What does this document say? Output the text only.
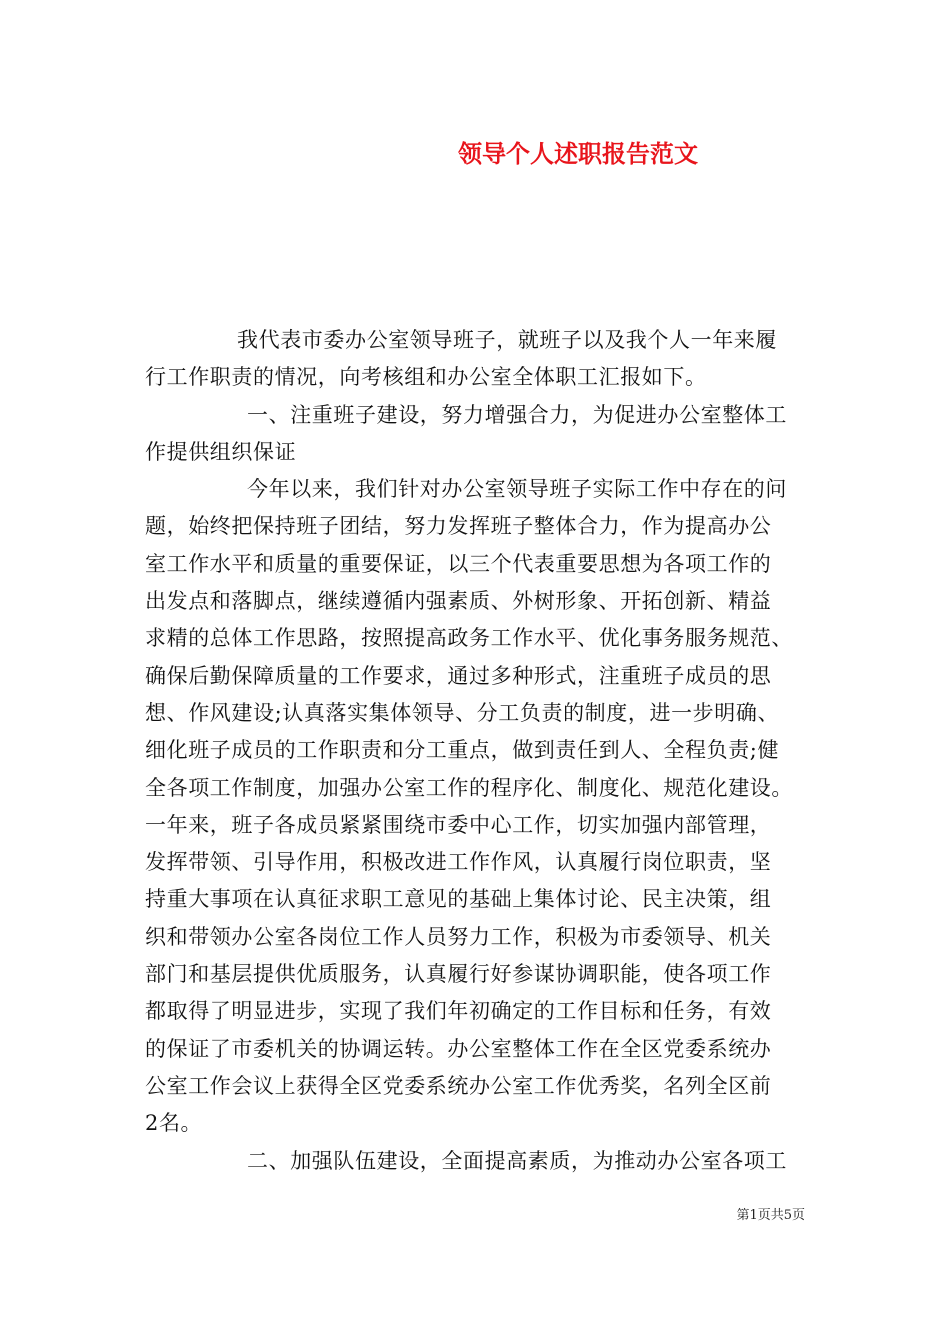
领导个人述职报告范文
我代表市委办公室领导班子，就班子以及我个人一年来履
行工作职责的情况，向考核组和办公室全体职工汇报如下。
一、注重班子建设，努力增强合力，为促进办公室整体工
作提供组织保证
今年以来，我们针对办公室领导班子实际工作中存在的问
题，始终把保持班子团结，努力发挥班子整体合力，作为提高办公
室工作水平和质量的重要保证，以三个代表重要思想为各项工作的
出发点和落脚点，继续遵循内强素质、外树形象、开拓创新、精益
求精的总体工作思路，按照提高政务工作水平、优化事务服务规范、
确保后勤保障质量的工作要求，通过多种形式，注重班子成员的思
想、作风建设;认真落实集体领导、分工负责的制度，进一步明确、
细化班子成员的工作职责和分工重点，做到责任到人、全程负责;健
全各项工作制度，加强办公室工作的程序化、制度化、规范化建设。
一年来，班子各成员紧紧围绕市委中心工作，切实加强内部管理，
发挥带领、引导作用，积极改进工作作风，认真履行岗位职责，坚
持重大事项在认真征求职工意见的基础上集体讨论、民主决策，组
织和带领办公室各岗位工作人员努力工作，积极为市委领导、机关
部门和基层提供优质服务，认真履行好参谋协调职能，使各项工作
都取得了明显进步，实现了我们年初确定的工作目标和任务，有效
的保证了市委机关的协调运转。办公室整体工作在全区党委系统办
公室工作会议上获得全区党委系统办公室工作优秀奖，名列全区前
2名。
二、加强队伍建设，全面提高素质，为推动办公室各项工
第1页共5页
